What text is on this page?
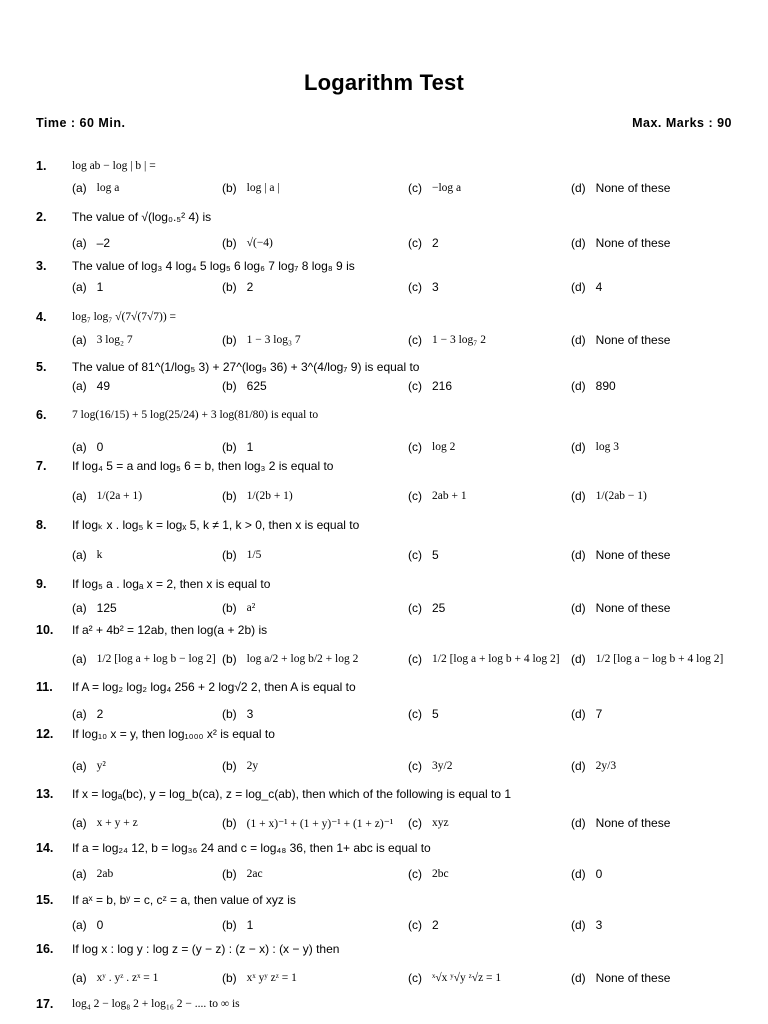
Logarithm Test
Time : 60 Min.	Max. Marks : 90
1. log ab − log | b | =
(a) log a	(b) log | a |	(c) −log a	(d) None of these
2. The value of √(log₀.₅² 4) is
(a) –2	(b) √(−4)	(c) 2	(d) None of these
3. The value of log₃ 4 log₄ 5 log₅ 6 log₆ 7 log₇ 8 log₈ 9 is
(a) 1	(b) 2	(c) 3	(d) 4
4. log₇ log₇ √(7√(7√7)) =
(a) 3 log₂ 7	(b) 1 − 3 log₃ 7	(c) 1 − 3 log₇ 2	(d) None of these
5. The value of 81^(1/log₅ 3) + 27^(log₉ 36) + 3^(4/log₇ 9) is equal to
(a) 49	(b) 625	(c) 216	(d) 890
6. 7 log(16/15) + 5 log(25/24) + 3 log(81/80) is equal to
(a) 0	(b) 1	(c) log 2	(d) log 3
7. If log₄ 5 = a and log₅ 6 = b, then log₃ 2 is equal to
(a) 1/(2a + 1)	(b) 1/(2b + 1)	(c) 2ab + 1	(d) 1/(2ab − 1)
8. If logₖ x . log₅ k = logₓ 5, k ≠ 1, k > 0, then x is equal to
(a) k	(b) 1/5	(c) 5	(d) None of these
9. If log₅ a . logₐ x = 2, then x is equal to
(a) 125	(b) a²	(c) 25	(d) None of these
10. If a² + 4b² = 12ab, then log(a + 2b) is
(a) 1/2 [log a + log b − log 2] (b) log a/2 + log b/2 + log 2	(c) 1/2 [log a + log b + 4 log 2] (d) 1/2 [log a − log b + 4 log 2]
11. If A = log₂ log₂ log₄ 256 + 2 log√2 2, then A is equal to
(a) 2	(b) 3	(c) 5	(d) 7
12. If log₁₀ x = y, then log₁₀₀₀ x² is equal to
(a) y²	(b) 2y	(c) 3y/2	(d) 2y/3
13. If x = logₐ(bc), y = log_b(ca), z = log_c(ab), then which of the following is equal to 1
(a) x + y + z	(b) (1 + x)⁻¹ + (1 + y)⁻¹ + (1 + z)⁻¹ (c) xyz	(d) None of these
14. If a = log₂₄ 12, b = log₃₆ 24 and c = log₄₈ 36, then 1+ abc is equal to
(a) 2ab	(b) 2ac	(c) 2bc	(d) 0
15. If aˣ = b, bʸ = c, cᶻ = a, then value of xyz is
(a) 0	(b) 1	(c) 2	(d) 3
16. If log x : log y : log z = (y − z) : (z − x) : (x − y) then
(a) xʸ . yᶻ . zˣ = 1	(b) xˣ yʸ zᶻ = 1	(c) ˣ√x ʸ√y ᶻ√z = 1	(d) None of these
17. log₄ 2 − log₈ 2 + log₁₆ 2 − .... to ∞ is
